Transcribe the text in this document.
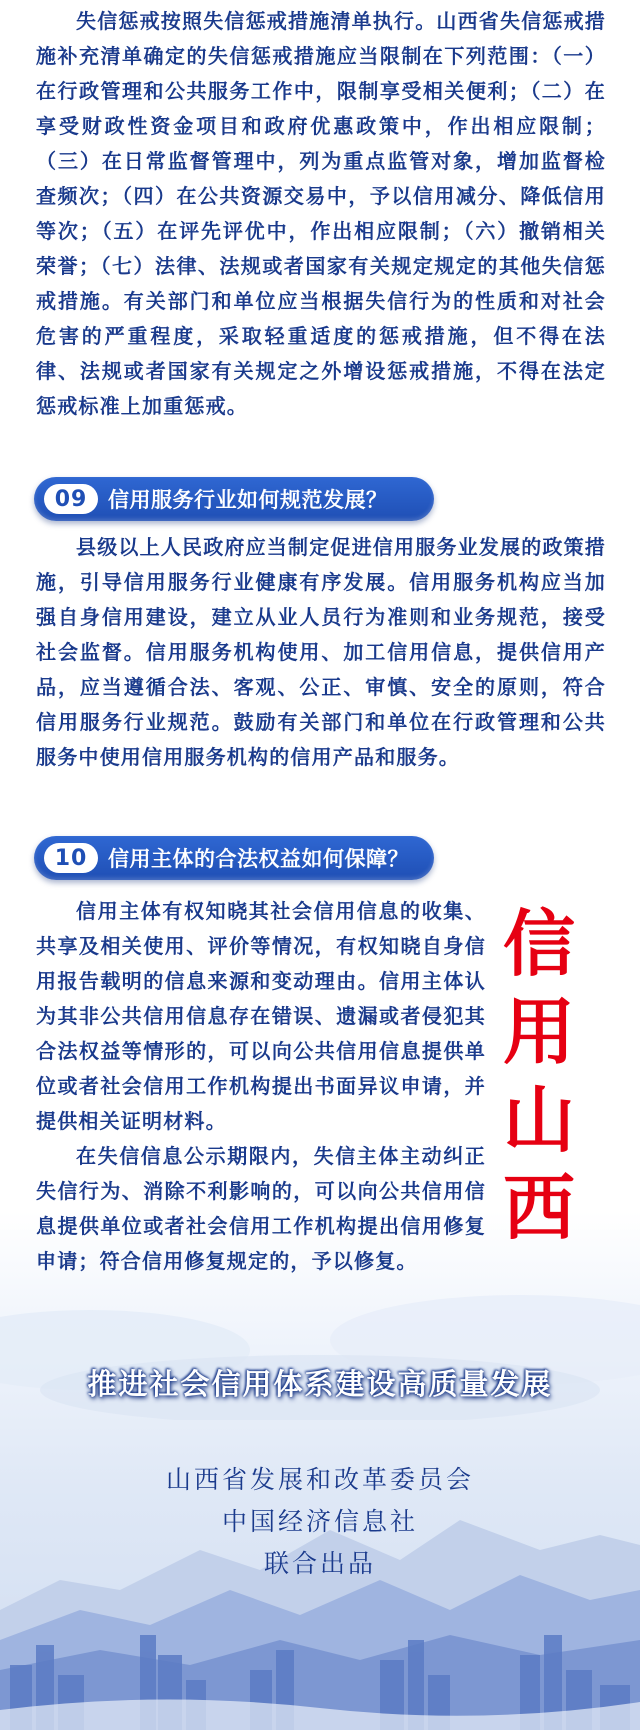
失信惩戒按照失信惩戒措施清单执行。山西省失信惩戒措施补充清单确定的失信惩戒措施应当限制在下列范围：（一）在行政管理和公共服务工作中，限制享受相关便利；（二）在享受财政性资金项目和政府优惠政策中，作出相应限制；（三）在日常监督管理中，列为重点监管对象，增加监督检查频次；（四）在公共资源交易中，予以信用减分、降低信用等次；（五）在评先评优中，作出相应限制；（六）撤销相关荣誉；（七）法律、法规或者国家有关规定规定的其他失信惩戒措施。有关部门和单位应当根据失信行为的性质和对社会危害的严重程度，采取轻重适度的惩戒措施，但不得在法律、法规或者国家有关规定之外增设惩戒措施，不得在法定惩戒标准上加重惩戒。

09 信用服务行业如何规范发展？

县级以上人民政府应当制定促进信用服务业发展的政策措施，引导信用服务行业健康有序发展。信用服务机构应当加强自身信用建设，建立从业人员行为准则和业务规范，接受社会监督。信用服务机构使用、加工信用信息，提供信用产品，应当遵循合法、客观、公正、审慎、安全的原则，符合信用服务行业规范。鼓励有关部门和单位在行政管理和公共服务中使用信用服务机构的信用产品和服务。

10 信用主体的合法权益如何保障？

信用主体有权知晓其社会信用信息的收集、共享及相关使用、评价等情况，有权知晓自身信用报告载明的信息来源和变动理由。信用主体认为其非公共信用信息存在错误、遗漏或者侵犯其合法权益等情形的，可以向公共信用信息提供单位或者社会信用工作机构提出书面异议申请，并提供相关证明材料。

在失信信息公示期限内，失信主体主动纠正失信行为、消除不利影响的，可以向公共信用信息提供单位或者社会信用工作机构提出信用修复申请；符合信用修复规定的，予以修复。

信
用
山
西
推进社会信用体系建设高质量发展
山西省发展和改革委员会
中国经济信息社
联合出品
